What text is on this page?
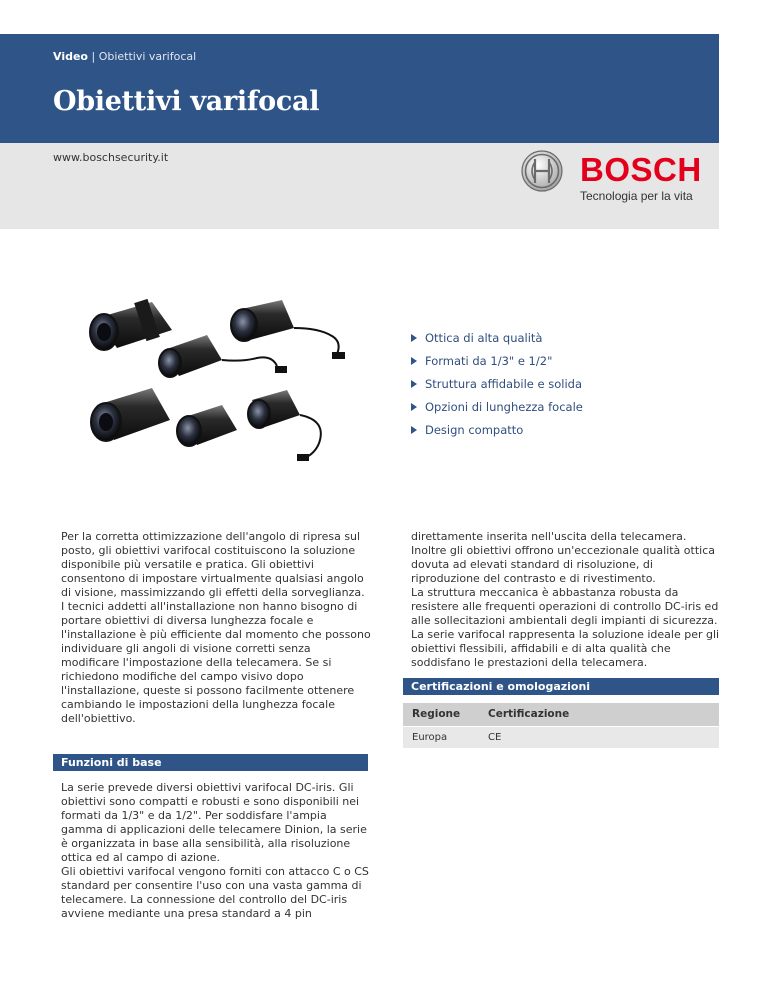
Video | Obiettivi varifocal
Obiettivi varifocal
www.boschsecurity.it	BOSCH
Tecnologia per la vita
Ottica di alta qualità
Formati da 1/3" e 1/2"
Struttura affidabile e solida
Opzioni di lunghezza focale
Design compatto

Per la corretta ottimizzazione dell'angolo di ripresa sul posto, gli obiettivi varifocal costituiscono la soluzione disponibile più versatile e pratica. Gli obiettivi consentono di impostare virtualmente qualsiasi angolo di visione, massimizzando gli effetti della sorveglianza. I tecnici addetti all'installazione non hanno bisogno di portare obiettivi di diversa lunghezza focale e l'installazione è più efficiente dal momento che possono individuare gli angoli di visione corretti senza modificare l'impostazione della telecamera. Se si richiedono modifiche del campo visivo dopo l'installazione, queste si possono facilmente ottenere cambiando le impostazioni della lunghezza focale dell'obiettivo.

Funzioni di base

La serie prevede diversi obiettivi varifocal DC-iris. Gli obiettivi sono compatti e robusti e sono disponibili nei formati da 1/3" e da 1/2". Per soddisfare l'ampia gamma di applicazioni delle telecamere Dinion, la serie è organizzata in base alla sensibilità, alla risoluzione ottica ed al campo di azione.

Gli obiettivi varifocal vengono forniti con attacco C o CS standard per consentire l'uso con una vasta gamma di telecamere. La connessione del controllo del DC-iris avviene mediante una presa standard a 4 pin

direttamente inserita nell'uscita della telecamera.

Inoltre gli obiettivi offrono un'eccezionale qualità ottica dovuta ad elevati standard di risoluzione, di riproduzione del contrasto e di rivestimento.

La struttura meccanica è abbastanza robusta da resistere alle frequenti operazioni di controllo DC-iris ed alle sollecitazioni ambientali degli impianti di sicurezza. La serie varifocal rappresenta la soluzione ideale per gli obiettivi flessibili, affidabili e di alta qualità che soddisfano le prestazioni della telecamera.

Certificazioni e omologazioni
Regione	Certificazione
Europa	CE
